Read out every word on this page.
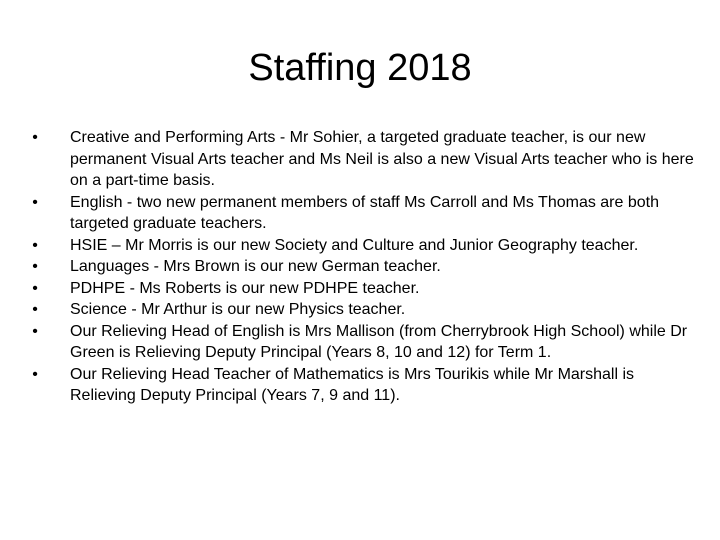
Staffing 2018
• Creative and Performing Arts - Mr Sohier, a targeted graduate teacher, is our new permanent Visual Arts teacher and Ms Neil is also a new Visual Arts teacher who is here on a part-time basis.
• English - two new permanent members of staff Ms Carroll and Ms Thomas are both targeted graduate teachers.
• HSIE – Mr Morris is our new Society and Culture and Junior Geography teacher.
• Languages - Mrs Brown is our new German teacher.
• PDHPE - Ms Roberts is our new PDHPE teacher.
• Science - Mr Arthur is our new Physics teacher.
• Our Relieving Head of English is Mrs Mallison (from Cherrybrook High School) while Dr Green is Relieving Deputy Principal (Years 8, 10 and 12) for Term 1.
• Our Relieving Head Teacher of Mathematics is Mrs Tourikis while Mr Marshall is Relieving Deputy Principal (Years 7, 9 and 11).
